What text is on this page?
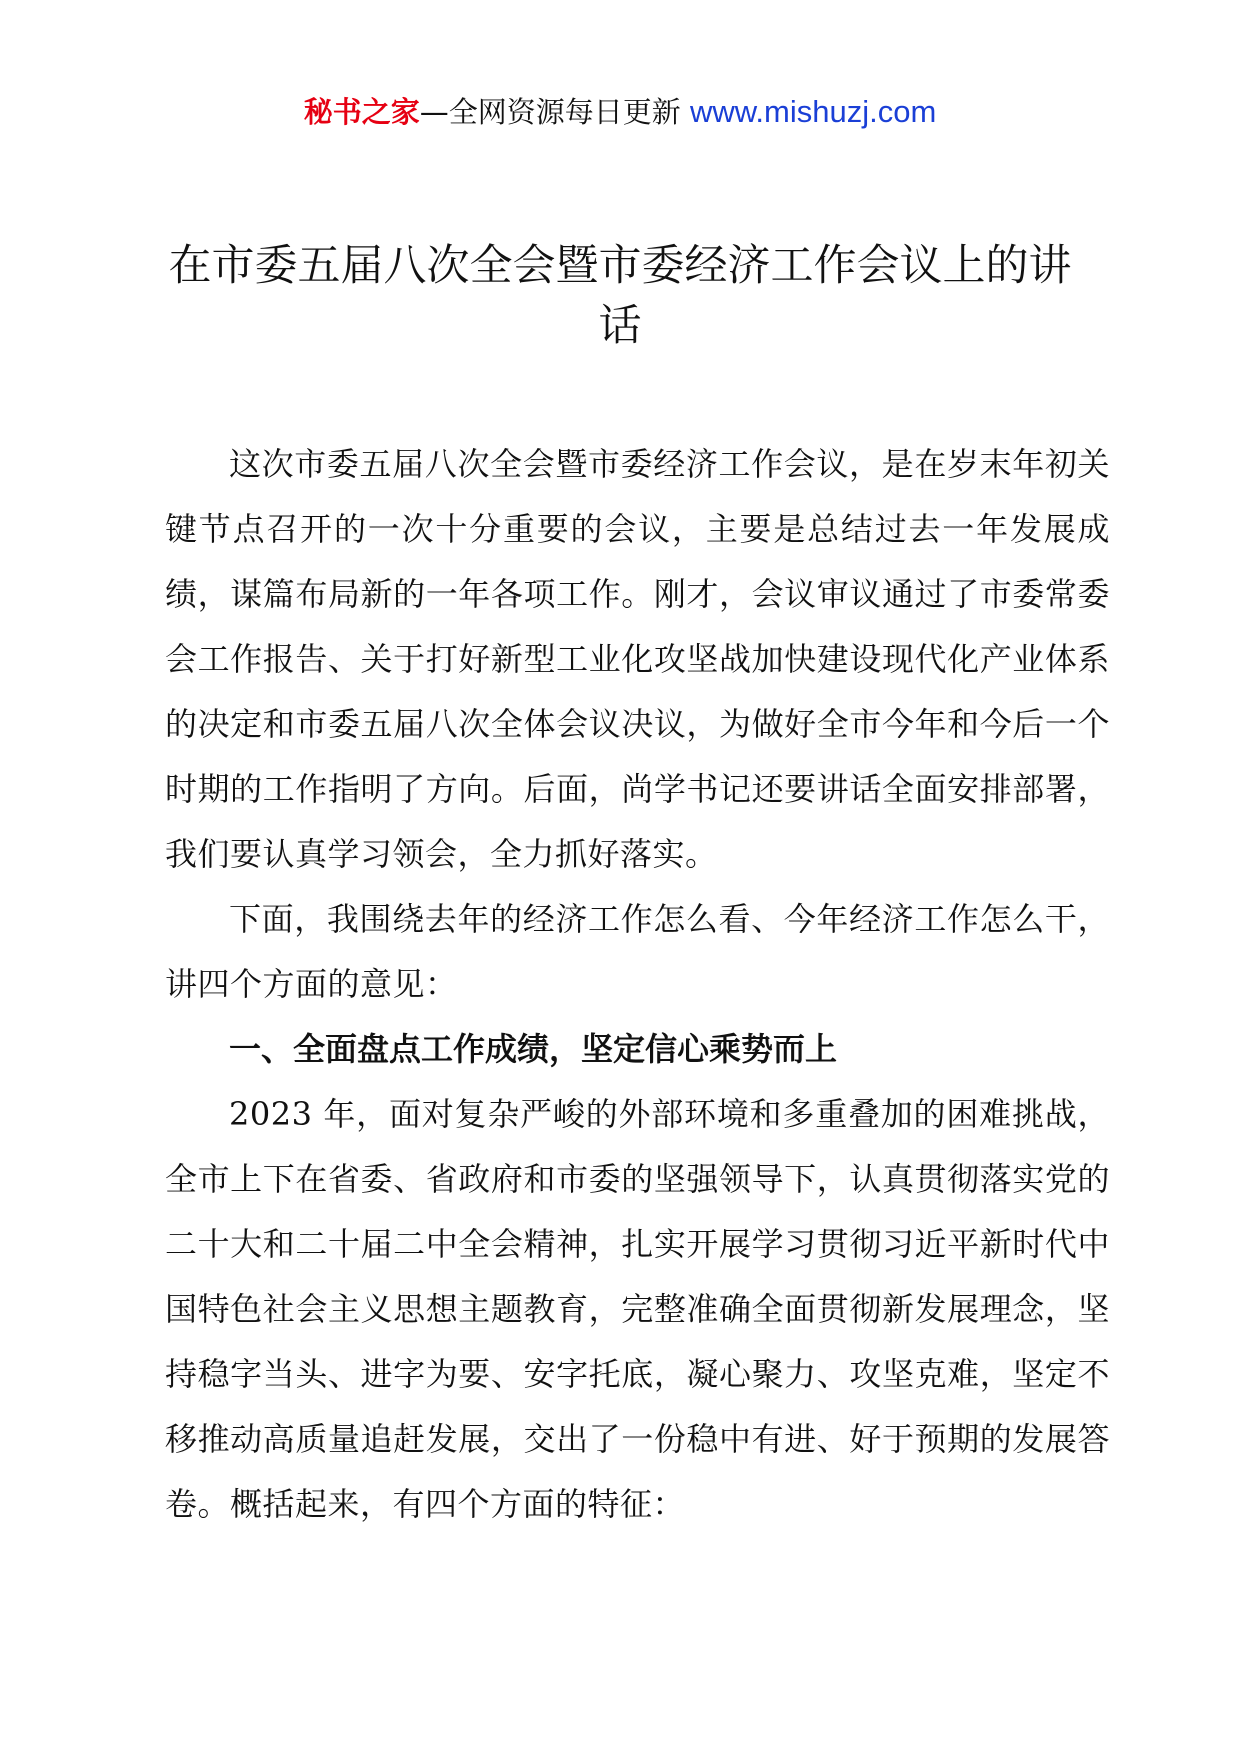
秘书之家—全网资源每日更新 www.mishuzj.com
在市委五届八次全会暨市委经济工作会议上的讲话

这次市委五届八次全会暨市委经济工作会议，是在岁末年初关键节点召开的一次十分重要的会议，主要是总结过去一年发展成绩，谋篇布局新的一年各项工作。刚才，会议审议通过了市委常委会工作报告、关于打好新型工业化攻坚战加快建设现代化产业体系的决定和市委五届八次全体会议决议，为做好全市今年和今后一个时期的工作指明了方向。后面，尚学书记还要讲话全面安排部署，我们要认真学习领会，全力抓好落实。

下面，我围绕去年的经济工作怎么看、今年经济工作怎么干，讲四个方面的意见：

一、全面盘点工作成绩，坚定信心乘势而上

2023 年，面对复杂严峻的外部环境和多重叠加的困难挑战，全市上下在省委、省政府和市委的坚强领导下，认真贯彻落实党的二十大和二十届二中全会精神，扎实开展学习贯彻习近平新时代中国特色社会主义思想主题教育，完整准确全面贯彻新发展理念，坚持稳字当头、进字为要、安字托底，凝心聚力、攻坚克难，坚定不移推动高质量追赶发展，交出了一份稳中有进、好于预期的发展答卷。概括起来，有四个方面的特征：
